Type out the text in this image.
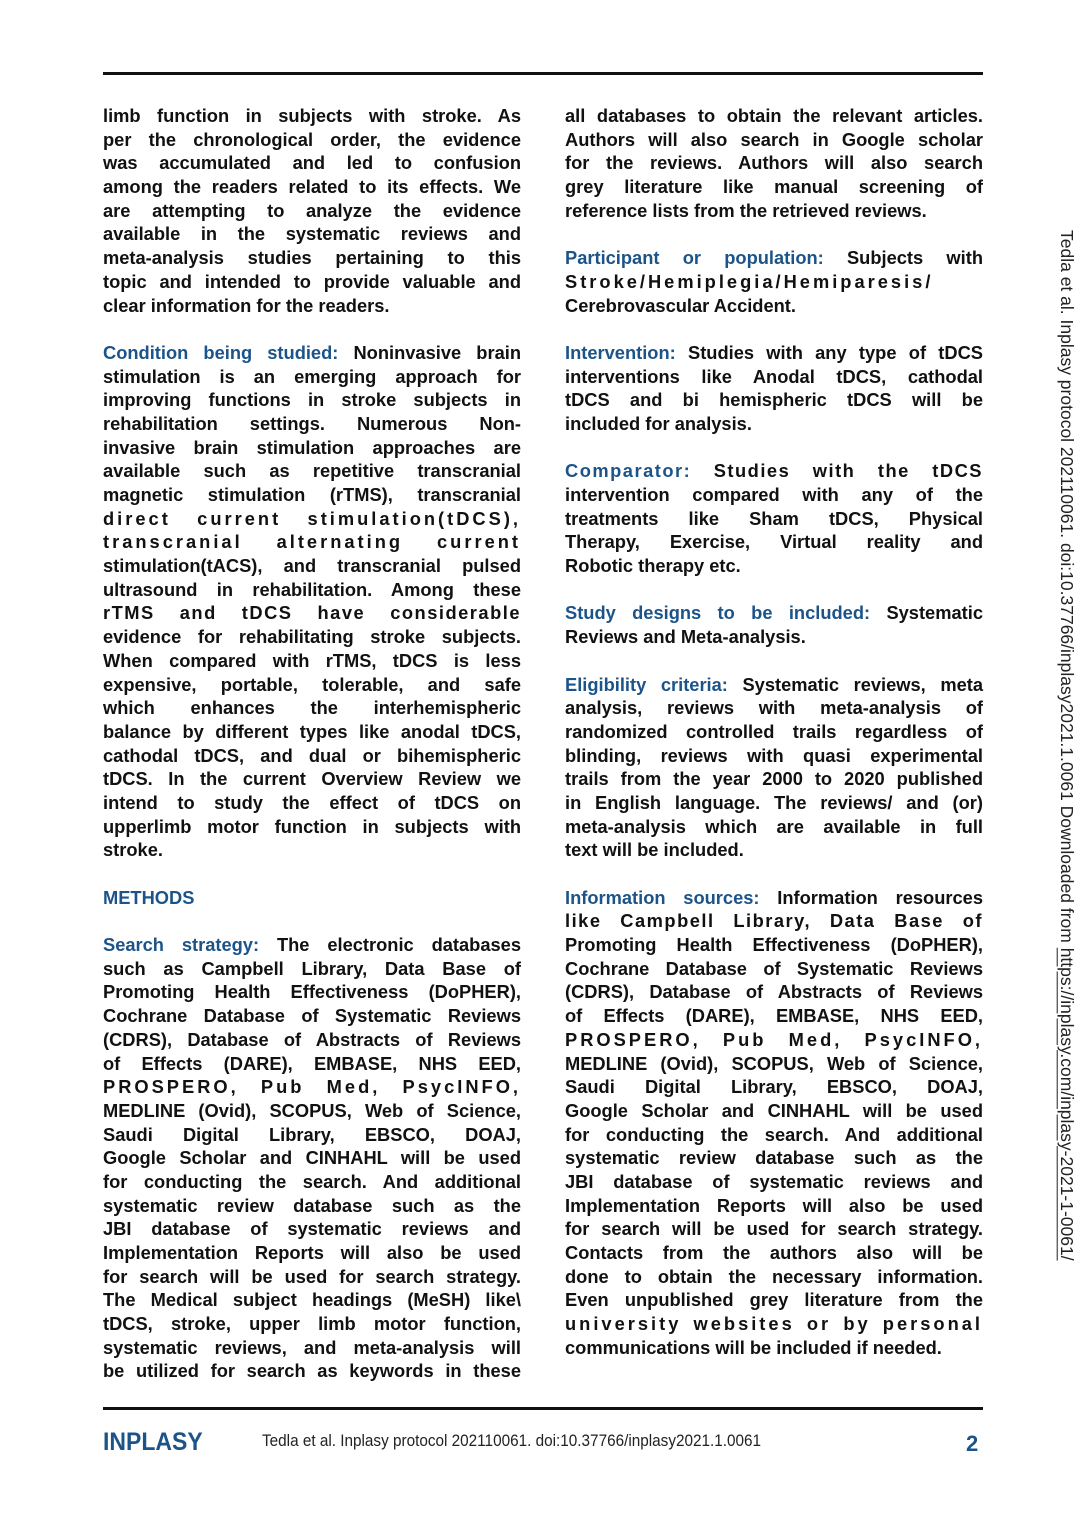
limb function in subjects with stroke. As
per the chronological order, the evidence
was accumulated and led to confusion
among the readers related to its effects. We
are attempting to analyze the evidence
available in the systematic reviews and
meta-analysis studies pertaining to this
topic and intended to provide valuable and
clear information for the readers.
Condition being studied: Noninvasive brain
stimulation is an emerging approach for
improving functions in stroke subjects in
rehabilitation settings. Numerous Non-
invasive brain stimulation approaches are
available such as repetitive transcranial
magnetic stimulation (rTMS), transcranial
direct current stimulation(tDCS),
transcranial alternating current
stimulation(tACS), and transcranial pulsed
ultrasound in rehabilitation. Among these
rTMS and tDCS have considerable
evidence for rehabilitating stroke subjects.
When compared with rTMS, tDCS is less
expensive, portable, tolerable, and safe
which enhances the interhemispheric
balance by different types like anodal tDCS,
cathodal tDCS, and dual or bihemispheric
tDCS. In the current Overview Review we
intend to study the effect of tDCS on
upperlimb motor function in subjects with
stroke.
METHODS
Search strategy: The electronic databases
such as Campbell Library, Data Base of
Promoting Health Effectiveness (DoPHER),
Cochrane Database of Systematic Reviews
(CDRS), Database of Abstracts of Reviews
of Effects (DARE), EMBASE, NHS EED,
PROSPERO, Pub Med, PsycINFO,
MEDLINE (Ovid), SCOPUS, Web of Science,
Saudi Digital Library, EBSCO, DOAJ,
Google Scholar and CINHAHL will be used
for conducting the search. And additional
systematic review database such as the
JBI database of systematic reviews and
Implementation Reports will also be used
for search will be used for search strategy.
The Medical subject headings (MeSH) like\
tDCS, stroke, upper limb motor function,
systematic reviews, and meta-analysis will
be utilized for search as keywords in these
all databases to obtain the relevant articles.
Authors will also search in Google scholar
for the reviews. Authors will also search
grey literature like manual screening of
reference lists from the retrieved reviews.
Participant or population: Subjects with
Stroke/Hemiplegia/Hemiparesis/
Cerebrovascular Accident.
Intervention: Studies with any type of tDCS
interventions like Anodal tDCS, cathodal
tDCS and bi hemispheric tDCS will be
included for analysis.
Comparator: Studies with the tDCS
intervention compared with any of the
treatments like Sham tDCS, Physical
Therapy, Exercise, Virtual reality and
Robotic therapy etc.
Study designs to be included: Systematic
Reviews and Meta-analysis.
Eligibility criteria: Systematic reviews, meta
analysis, reviews with meta-analysis of
randomized controlled trails regardless of
blinding, reviews with quasi experimental
trails from the year 2000 to 2020 published
in English language. The reviews/ and (or)
meta-analysis which are available in full
text will be included.
Information sources: Information resources
like Campbell Library, Data Base of
Promoting Health Effectiveness (DoPHER),
Cochrane Database of Systematic Reviews
(CDRS), Database of Abstracts of Reviews
of Effects (DARE), EMBASE, NHS EED,
PROSPERO, Pub Med, PsycINFO,
MEDLINE (Ovid), SCOPUS, Web of Science,
Saudi Digital Library, EBSCO, DOAJ,
Google Scholar and CINHAHL will be used
for conducting the search. And additional
systematic review database such as the
JBI database of systematic reviews and
Implementation Reports will also be used
for search will be used for search strategy.
Contacts from the authors also will be
done to obtain the necessary information.
Even unpublished grey literature from the
university websites or by personal
communications will be included if needed.
INPLASY	Tedla et al. Inplasy protocol 202110061. doi:10.37766/inplasy2021.1.0061	2
Tedla et al. Inplasy protocol 202110061. doi:10.37766/inplasy2021.1.0061 Downloaded from https://inplasy.com/inplasy-2021-1-0061/
